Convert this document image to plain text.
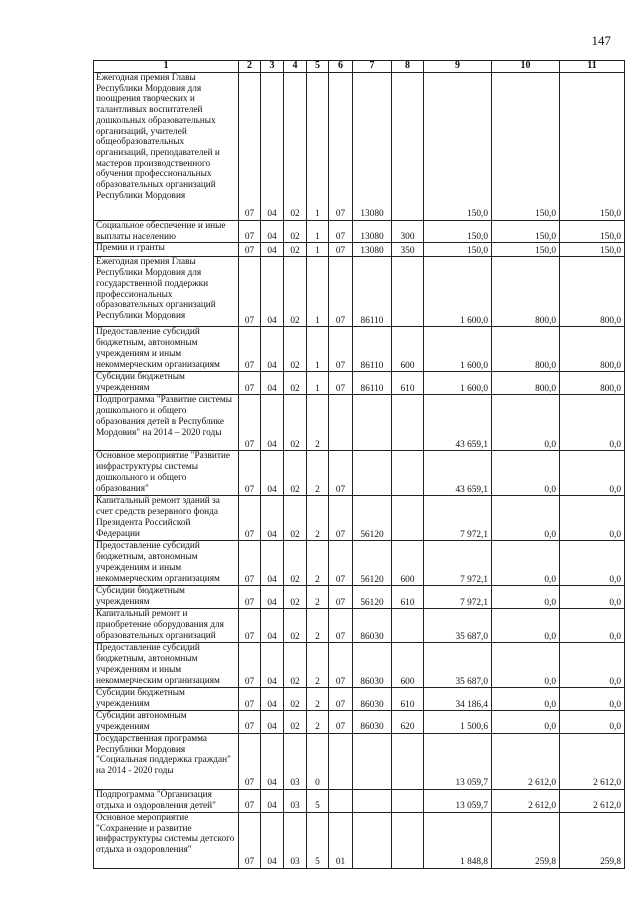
147
1	2	3	4	5	6	7	8	9	10	11
Ежегодная премия Главы Республики Мордовия для поощрения творческих и талантливых воспитателей дошкольных образовательных организаций, учителей общеобразовательных организаций, преподавателей и мастеров производственного обучения профессиональных образовательных организаций Республики Мордовия	07	04	02	1	07	13080		150,0	150,0	150,0
Социальное обеспечение и иные выплаты населению	07	04	02	1	07	13080	300	150,0	150,0	150,0
Премии и гранты	07	04	02	1	07	13080	350	150,0	150,0	150,0
Ежегодная премия Главы Республики Мордовия для государственной поддержки профессиональных образовательных организаций Республики Мордовия	07	04	02	1	07	86110		1 600,0	800,0	800,0
Предоставление субсидий бюджетным, автономным учреждениям и иным некоммерческим организациям	07	04	02	1	07	86110	600	1 600,0	800,0	800,0
Субсидии бюджетным учреждениям	07	04	02	1	07	86110	610	1 600,0	800,0	800,0
Подпрограмма "Развитие системы дошкольного и общего образования детей в Республике Мордовия" на 2014 – 2020 годы	07	04	02	2				43 659,1	0,0	0,0
Основное мероприятие "Развитие инфраструктуры системы дошкольного и общего образования"	07	04	02	2	07			43 659,1	0,0	0,0
Капитальный ремонт зданий за счет средств резервного фонда Президента Российской Федерации	07	04	02	2	07	56120		7 972,1	0,0	0,0
Предоставление субсидий бюджетным, автономным учреждениям и иным некоммерческим организациям	07	04	02	2	07	56120	600	7 972,1	0,0	0,0
Субсидии бюджетным учреждениям	07	04	02	2	07	56120	610	7 972,1	0,0	0,0
Капитальный ремонт и приобретение оборудования для образовательных организаций	07	04	02	2	07	86030		35 687,0	0,0	0,0
Предоставление субсидий бюджетным, автономным учреждениям и иным некоммерческим организациям	07	04	02	2	07	86030	600	35 687,0	0,0	0,0
Субсидии бюджетным учреждениям	07	04	02	2	07	86030	610	34 186,4	0,0	0,0
Субсидии автономным учреждениям	07	04	02	2	07	86030	620	1 500,6	0,0	0,0
Государственная программа Республики Мордовия "Социальная поддержка граждан" на 2014 - 2020 годы	07	04	03	0				13 059,7	2 612,0	2 612,0
Подпрограмма "Организация отдыха и оздоровления детей"	07	04	03	5				13 059,7	2 612,0	2 612,0
Основное мероприятие "Сохранение и развитие инфраструктуры системы детского отдыха и оздоровления"	07	04	03	5	01			1 848,8	259,8	259,8
